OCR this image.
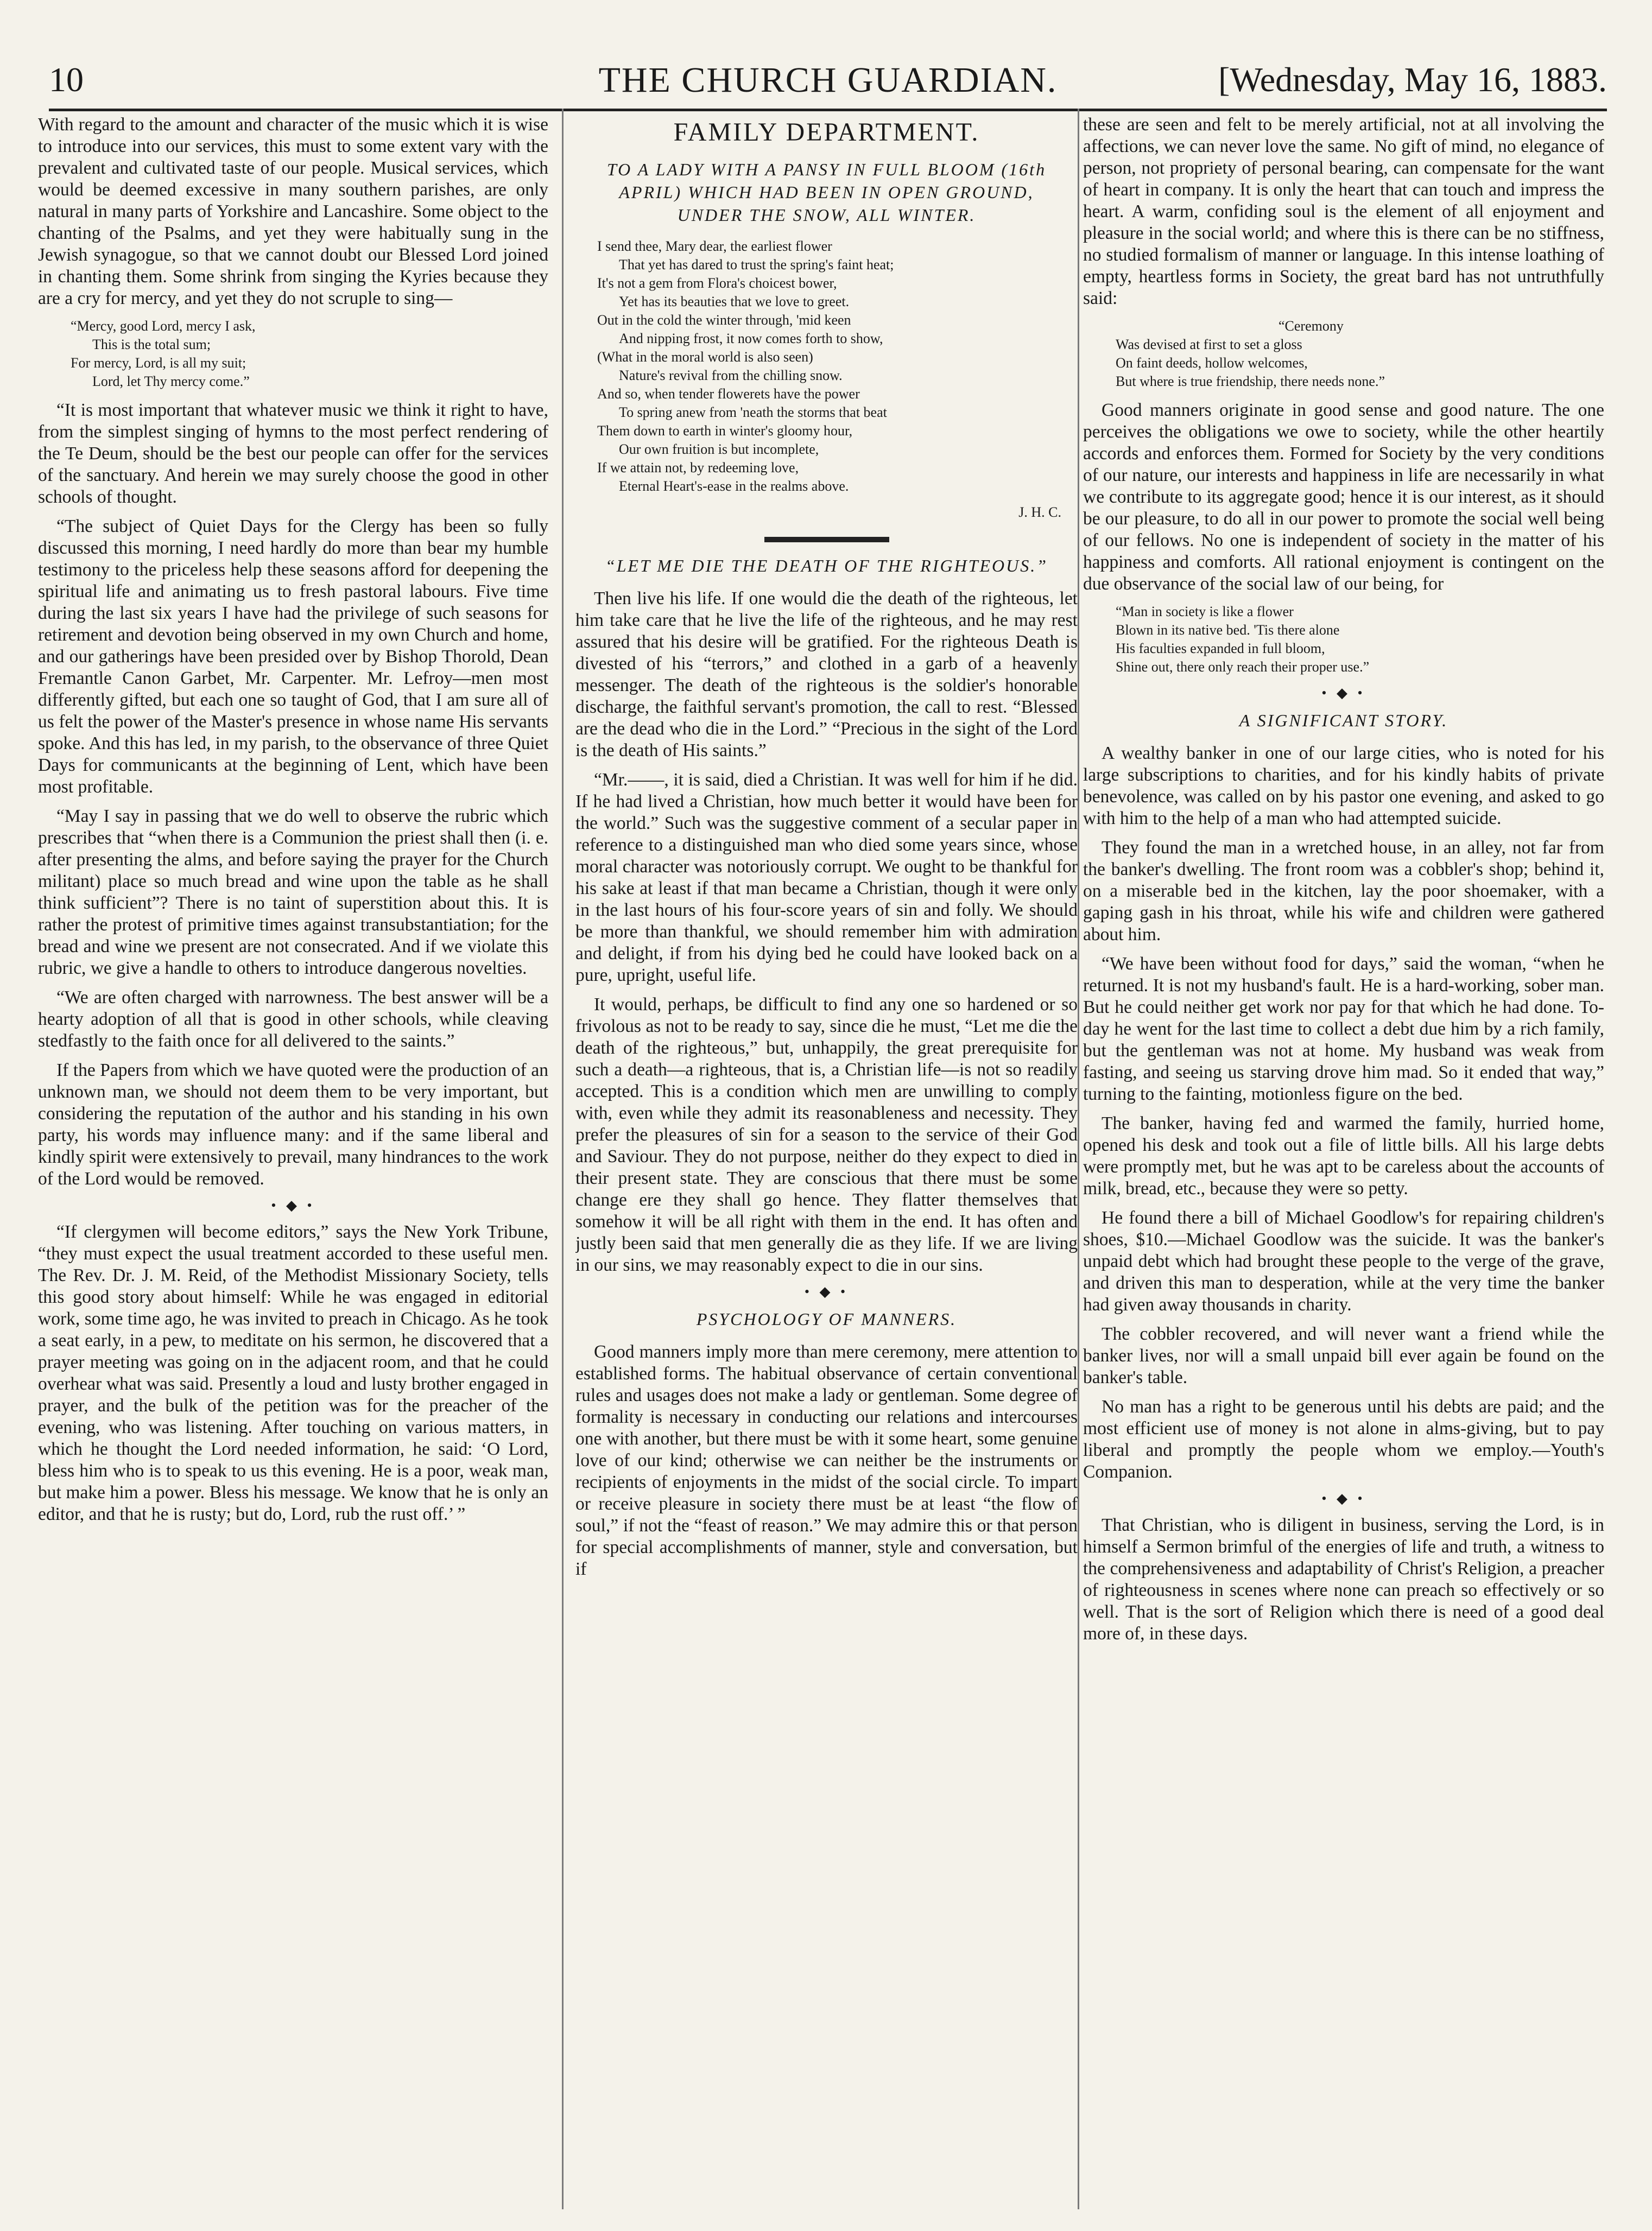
10	THE CHURCH GUARDIAN.	[Wednesday, May 16, 1883.

With regard to the amount and character of the music which it is wise to introduce into our services, this must to some extent vary with the prevalent and cultivated taste of our people. Musical services, which would be deemed excessive in many southern parishes, are only natural in many parts of Yorkshire and Lancashire. Some object to the chanting of the Psalms, and yet they were habitually sung in the Jewish synagogue, so that we cannot doubt our Blessed Lord joined in chanting them. Some shrink from singing the Kyries because they are a cry for mercy, and yet they do not scruple to sing—

“Mercy, good Lord, mercy I ask,
This is the total sum;
For mercy, Lord, is all my suit;
Lord, let Thy mercy come.”

“It is most important that whatever music we think it right to have, from the simplest singing of hymns to the most perfect rendering of the Te Deum, should be the best our people can offer for the services of the sanctuary. And herein we may surely choose the good in other schools of thought.

“The subject of Quiet Days for the Clergy has been so fully discussed this morning, I need hardly do more than bear my humble testimony to the priceless help these seasons afford for deepening the spiritual life and animating us to fresh pastoral labours. Five time during the last six years I have had the privilege of such seasons for retirement and devotion being observed in my own Church and home, and our gatherings have been presided over by Bishop Thorold, Dean Fremantle Canon Garbet, Mr. Carpenter. Mr. Lefroy—men most differently gifted, but each one so taught of God, that I am sure all of us felt the power of the Master's presence in whose name His servants spoke. And this has led, in my parish, to the observance of three Quiet Days for communicants at the beginning of Lent, which have been most profitable.

“May I say in passing that we do well to observe the rubric which prescribes that “when there is a Communion the priest shall then (i. e. after presenting the alms, and before saying the prayer for the Church militant) place so much bread and wine upon the table as he shall think sufficient”? There is no taint of superstition about this. It is rather the protest of primitive times against transubstantiation; for the bread and wine we present are not consecrated. And if we violate this rubric, we give a handle to others to introduce dangerous novelties.

“We are often charged with narrowness. The best answer will be a hearty adoption of all that is good in other schools, while cleaving stedfastly to the faith once for all delivered to the saints.”

If the Papers from which we have quoted were the production of an unknown man, we should not deem them to be very important, but considering the reputation of the author and his standing in his own party, his words may influence many: and if the same liberal and kindly spirit were extensively to prevail, many hindrances to the work of the Lord would be removed.

• ◆ •

“If clergymen will become editors,” says the New York Tribune, “they must expect the usual treatment accorded to these useful men. The Rev. Dr. J. M. Reid, of the Methodist Missionary Society, tells this good story about himself: While he was engaged in editorial work, some time ago, he was invited to preach in Chicago. As he took a seat early, in a pew, to meditate on his sermon, he discovered that a prayer meeting was going on in the adjacent room, and that he could overhear what was said. Presently a loud and lusty brother engaged in prayer, and the bulk of the petition was for the preacher of the evening, who was listening. After touching on various matters, in which he thought the Lord needed information, he said: ‘O Lord, bless him who is to speak to us this evening. He is a poor, weak man, but make him a power. Bless his message. We know that he is only an editor, and that he is rusty; but do, Lord, rub the rust off.’ ”

FAMILY DEPARTMENT.
TO A LADY WITH A PANSY IN FULL BLOOM (16th APRIL) WHICH HAD BEEN IN OPEN GROUND, UNDER THE SNOW, ALL WINTER.
I send thee, Mary dear, the earliest flower
That yet has dared to trust the spring's faint heat;
It's not a gem from Flora's choicest bower,
Yet has its beauties that we love to greet.
Out in the cold the winter through, 'mid keen
And nipping frost, it now comes forth to show,
(What in the moral world is also seen)
Nature's revival from the chilling snow.
And so, when tender flowerets have the power
To spring anew from 'neath the storms that beat
Them down to earth in winter's gloomy hour,
Our own fruition is but incomplete,
If we attain not, by redeeming love,
Eternal Heart's-ease in the realms above.
J. H. C.
“LET ME DIE THE DEATH OF THE RIGHTEOUS.”

Then live his life. If one would die the death of the righteous, let him take care that he live the life of the righteous, and he may rest assured that his desire will be gratified. For the righteous Death is divested of his “terrors,” and clothed in a garb of a heavenly messenger. The death of the righteous is the soldier's honorable discharge, the faithful servant's promotion, the call to rest. “Blessed are the dead who die in the Lord.” “Precious in the sight of the Lord is the death of His saints.”

“Mr.——, it is said, died a Christian. It was well for him if he did. If he had lived a Christian, how much better it would have been for the world.” Such was the suggestive comment of a secular paper in reference to a distinguished man who died some years since, whose moral character was notoriously corrupt. We ought to be thankful for his sake at least if that man became a Christian, though it were only in the last hours of his four-score years of sin and folly. We should be more than thankful, we should remember him with admiration and delight, if from his dying bed he could have looked back on a pure, upright, useful life.

It would, perhaps, be difficult to find any one so hardened or so frivolous as not to be ready to say, since die he must, “Let me die the death of the righteous,” but, unhappily, the great prerequisite for such a death—a righteous, that is, a Christian life—is not so readily accepted. This is a condition which men are unwilling to comply with, even while they admit its reasonableness and necessity. They prefer the pleasures of sin for a season to the service of their God and Saviour. They do not purpose, neither do they expect to died in their present state. They are conscious that there must be some change ere they shall go hence. They flatter themselves that somehow it will be all right with them in the end. It has often and justly been said that men generally die as they life. If we are living in our sins, we may reasonably expect to die in our sins.

• ◆ •
PSYCHOLOGY OF MANNERS.

Good manners imply more than mere ceremony, mere attention to established forms. The habitual observance of certain conventional rules and usages does not make a lady or gentleman. Some degree of formality is necessary in conducting our relations and intercourses one with another, but there must be with it some heart, some genuine love of our kind; otherwise we can neither be the instruments or recipients of enjoyments in the midst of the social circle. To impart or receive pleasure in society there must be at least “the flow of soul,” if not the “feast of reason.” We may admire this or that person for special accomplishments of manner, style and conversation, but if

these are seen and felt to be merely artificial, not at all involving the affections, we can never love the same. No gift of mind, no elegance of person, not propriety of personal bearing, can compensate for the want of heart in company. It is only the heart that can touch and impress the heart. A warm, confiding soul is the element of all enjoyment and pleasure in the social world; and where this is there can be no stiffness, no studied formalism of manner or language. In this intense loathing of empty, heartless forms in Society, the great bard has not untruthfully said:

“Ceremony
Was devised at first to set a gloss
On faint deeds, hollow welcomes,
But where is true friendship, there needs none.”

Good manners originate in good sense and good nature. The one perceives the obligations we owe to society, while the other heartily accords and enforces them. Formed for Society by the very conditions of our nature, our interests and happiness in life are necessarily in what we contribute to its aggregate good; hence it is our interest, as it should be our pleasure, to do all in our power to promote the social well being of our fellows. No one is independent of society in the matter of his happiness and comforts. All rational enjoyment is contingent on the due observance of the social law of our being, for

“Man in society is like a flower
Blown in its native bed. 'Tis there alone
His faculties expanded in full bloom,
Shine out, there only reach their proper use.”
• ◆ •
A SIGNIFICANT STORY.

A wealthy banker in one of our large cities, who is noted for his large subscriptions to charities, and for his kindly habits of private benevolence, was called on by his pastor one evening, and asked to go with him to the help of a man who had attempted suicide.

They found the man in a wretched house, in an alley, not far from the banker's dwelling. The front room was a cobbler's shop; behind it, on a miserable bed in the kitchen, lay the poor shoemaker, with a gaping gash in his throat, while his wife and children were gathered about him.

“We have been without food for days,” said the woman, “when he returned. It is not my husband's fault. He is a hard-working, sober man. But he could neither get work nor pay for that which he had done. To-day he went for the last time to collect a debt due him by a rich family, but the gentleman was not at home. My husband was weak from fasting, and seeing us starving drove him mad. So it ended that way,” turning to the fainting, motionless figure on the bed.

The banker, having fed and warmed the family, hurried home, opened his desk and took out a file of little bills. All his large debts were promptly met, but he was apt to be careless about the accounts of milk, bread, etc., because they were so petty.

He found there a bill of Michael Goodlow's for repairing children's shoes, $10.—Michael Goodlow was the suicide. It was the banker's unpaid debt which had brought these people to the verge of the grave, and driven this man to desperation, while at the very time the banker had given away thousands in charity.

The cobbler recovered, and will never want a friend while the banker lives, nor will a small unpaid bill ever again be found on the banker's table.

No man has a right to be generous until his debts are paid; and the most efficient use of money is not alone in alms-giving, but to pay liberal and promptly the people whom we employ.—Youth's Companion.

• ◆ •

That Christian, who is diligent in business, serving the Lord, is in himself a Sermon brimful of the energies of life and truth, a witness to the comprehensiveness and adaptability of Christ's Religion, a preacher of righteousness in scenes where none can preach so effectively or so well. That is the sort of Religion which there is need of a good deal more of, in these days.
